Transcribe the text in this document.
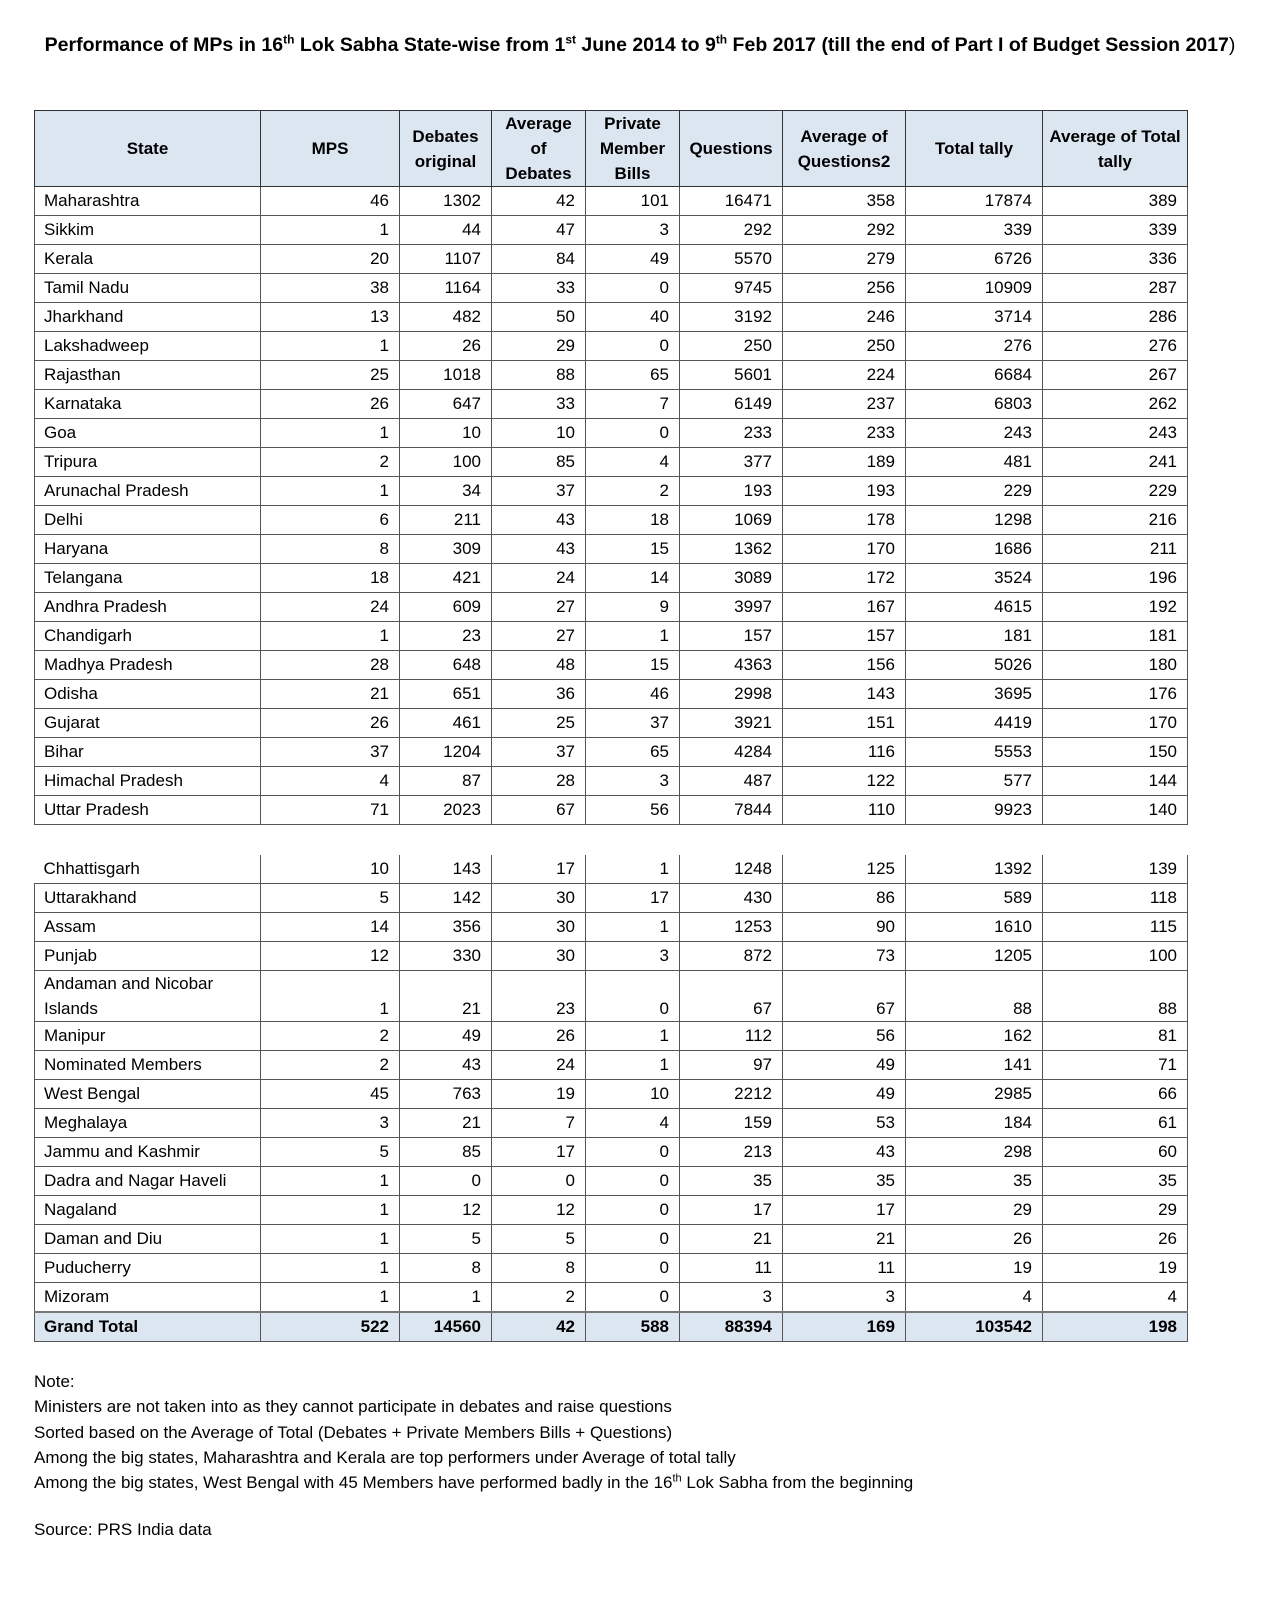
Performance of MPs in 16th Lok Sabha State-wise from 1st June 2014 to 9th Feb 2017 (till the end of Part I of Budget Session 2017)
State	MPS	Debates original	Average of Debates	Private Member Bills	Questions	Average of Questions2	Total tally	Average of Total tally
Maharashtra	46	1302	42	101	16471	358	17874	389
Sikkim	1	44	47	3	292	292	339	339
Kerala	20	1107	84	49	5570	279	6726	336
Tamil Nadu	38	1164	33	0	9745	256	10909	287
Jharkhand	13	482	50	40	3192	246	3714	286
Lakshadweep	1	26	29	0	250	250	276	276
Rajasthan	25	1018	88	65	5601	224	6684	267
Karnataka	26	647	33	7	6149	237	6803	262
Goa	1	10	10	0	233	233	243	243
Tripura	2	100	85	4	377	189	481	241
Arunachal Pradesh	1	34	37	2	193	193	229	229
Delhi	6	211	43	18	1069	178	1298	216
Haryana	8	309	43	15	1362	170	1686	211
Telangana	18	421	24	14	3089	172	3524	196
Andhra Pradesh	24	609	27	9	3997	167	4615	192
Chandigarh	1	23	27	1	157	157	181	181
Madhya Pradesh	28	648	48	15	4363	156	5026	180
Odisha	21	651	36	46	2998	143	3695	176
Gujarat	26	461	25	37	3921	151	4419	170
Bihar	37	1204	37	65	4284	116	5553	150
Himachal Pradesh	4	87	28	3	487	122	577	144
Uttar Pradesh	71	2023	67	56	7844	110	9923	140
Chhattisgarh	10	143	17	1	1248	125	1392	139
Uttarakhand	5	142	30	17	430	86	589	118
Assam	14	356	30	1	1253	90	1610	115
Punjab	12	330	30	3	872	73	1205	100
Andaman and Nicobar Islands	1	21	23	0	67	67	88	88
Manipur	2	49	26	1	112	56	162	81
Nominated Members	2	43	24	1	97	49	141	71
West Bengal	45	763	19	10	2212	49	2985	66
Meghalaya	3	21	7	4	159	53	184	61
Jammu and Kashmir	5	85	17	0	213	43	298	60
Dadra and Nagar Haveli	1	0	0	0	35	35	35	35
Nagaland	1	12	12	0	17	17	29	29
Daman and Diu	1	5	5	0	21	21	26	26
Puducherry	1	8	8	0	11	11	19	19
Mizoram	1	1	2	0	3	3	4	4
Grand Total	522	14560	42	588	88394	169	103542	198
Note:
Ministers are not taken into as they cannot participate in debates and raise questions
Sorted based on the Average of Total (Debates + Private Members Bills + Questions)
Among the big states, Maharashtra and Kerala are top performers under Average of total tally
Among the big states, West Bengal with 45 Members have performed badly in the 16th Lok Sabha from the beginning
Source: PRS India data
